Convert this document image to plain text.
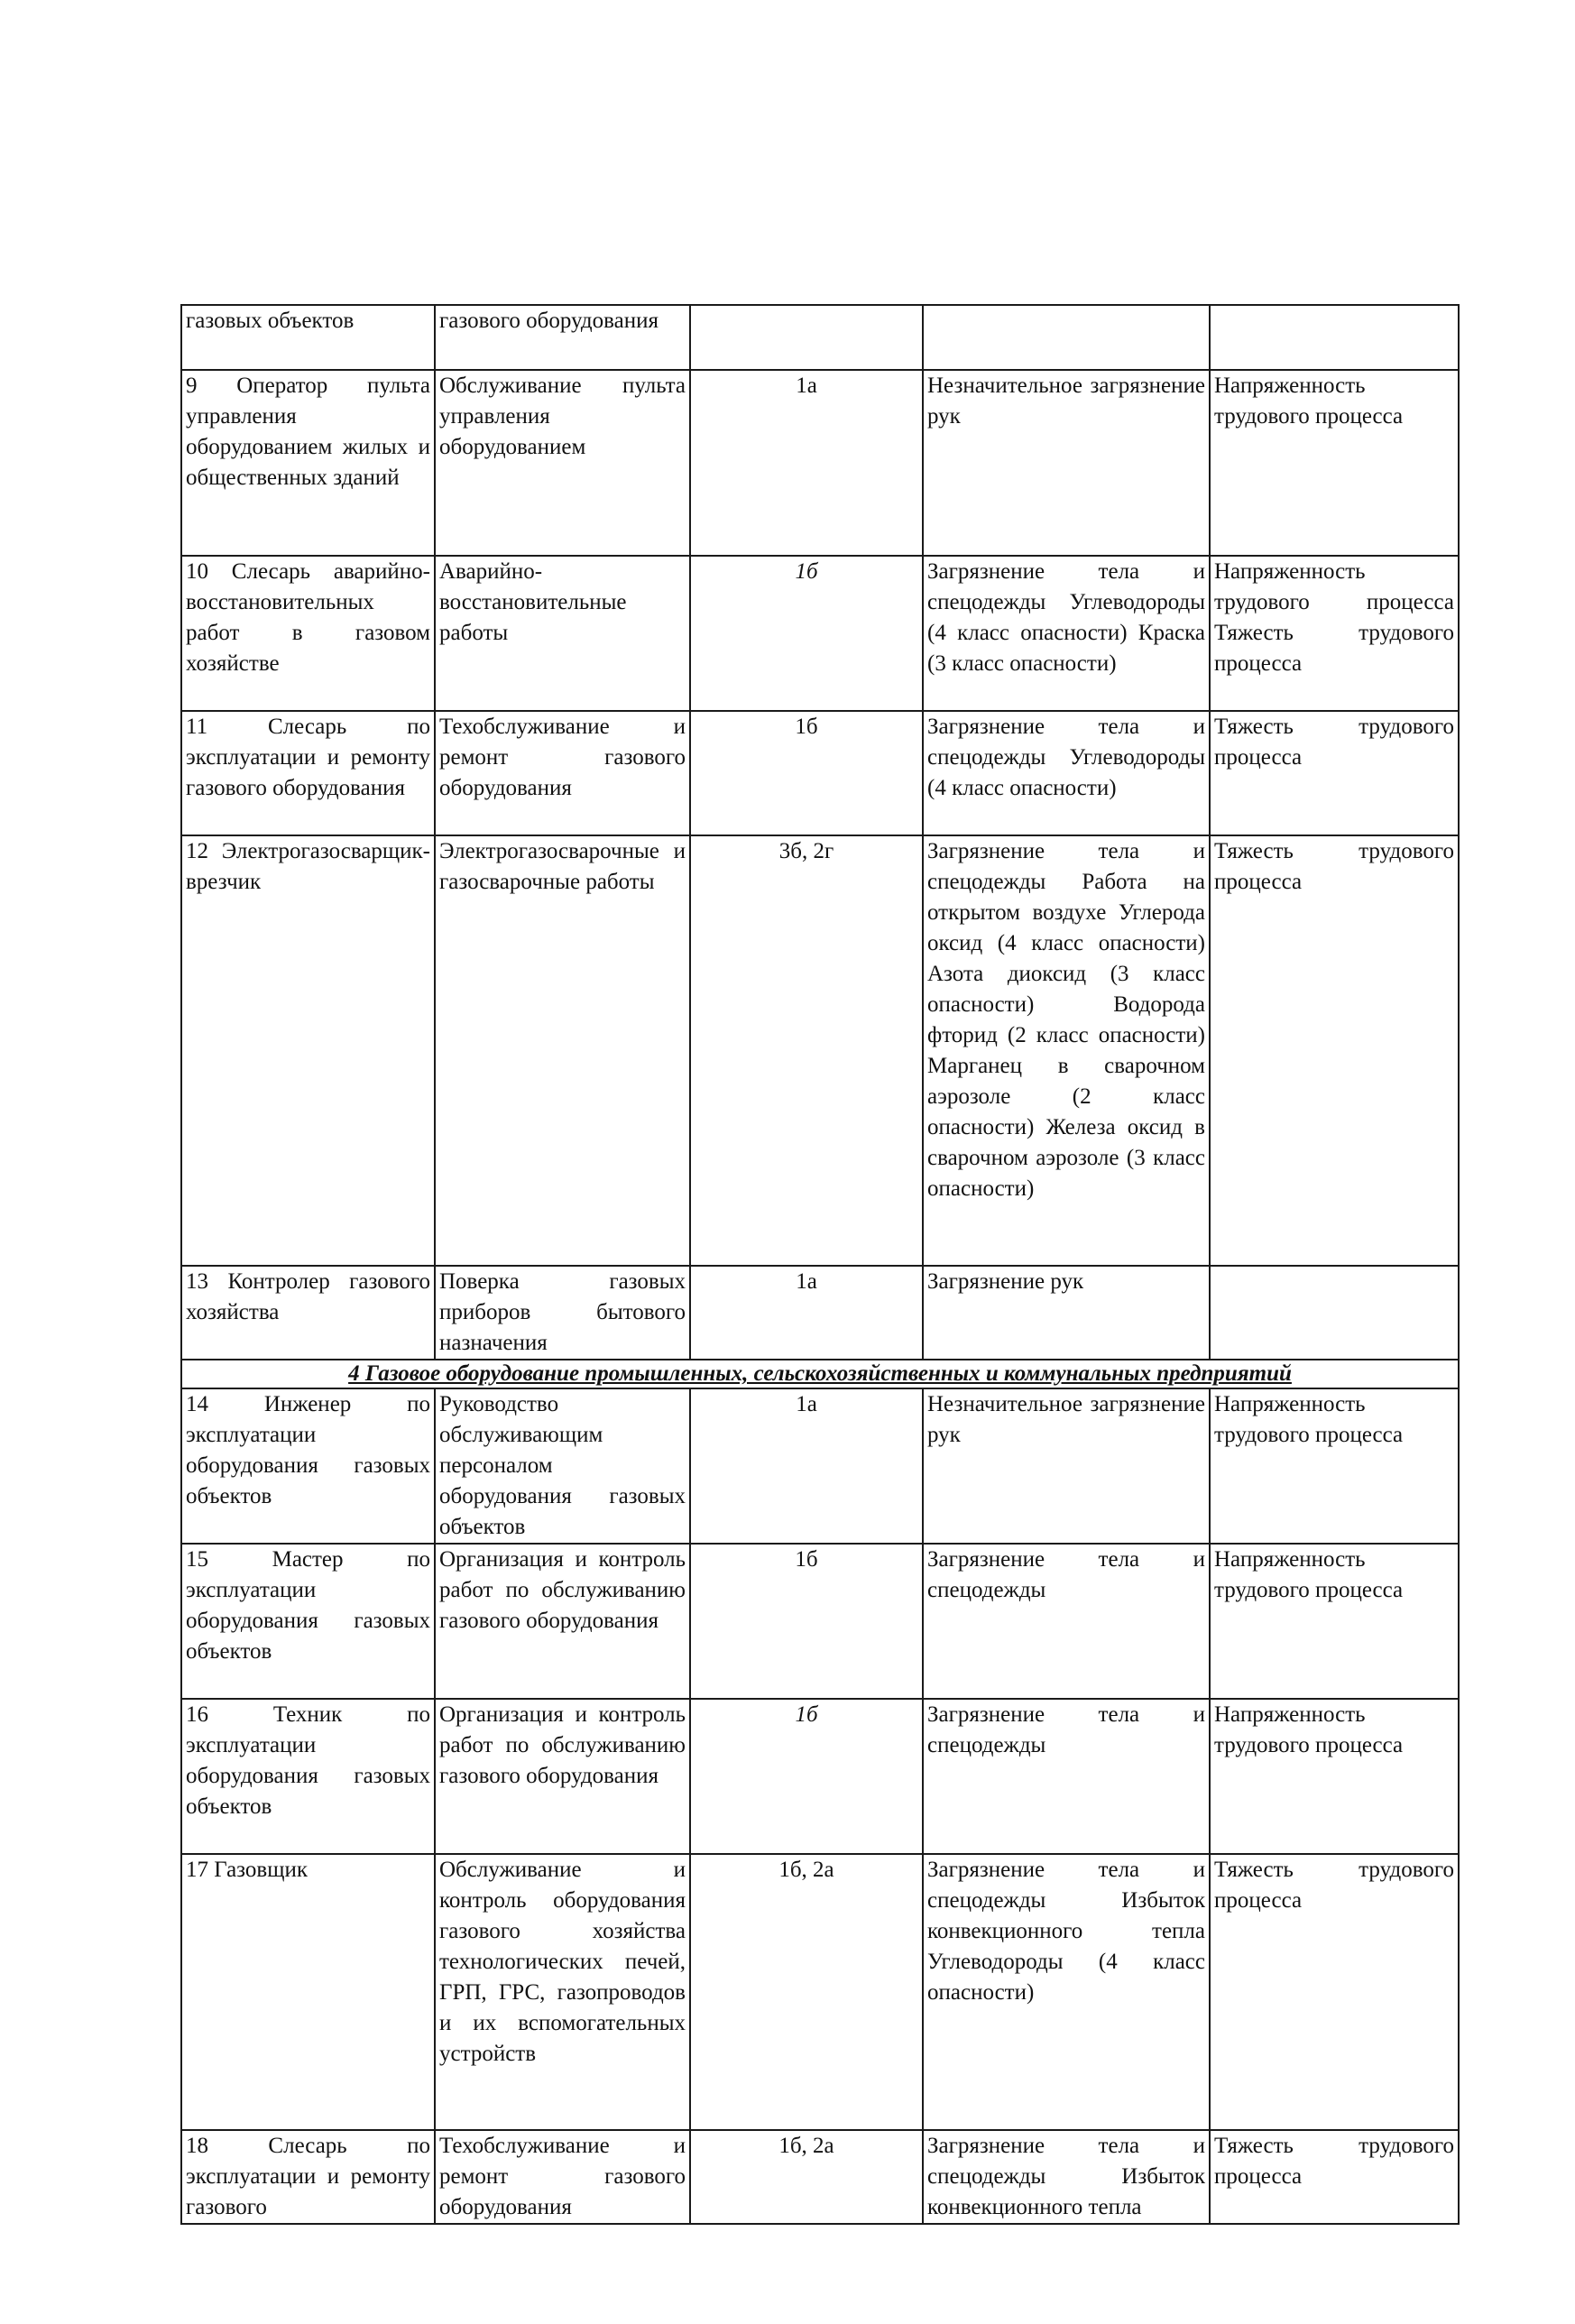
газовых объектов	газового оборудования			
9 Оператор пульта управления оборудованием жилых и общественных зданий	Обслуживание пульта управления оборудованием	1а	Незначительное загрязнение рук	Напряженность трудового процесса
10 Слесарь аварийно-восстановительных работ в газовом хозяйстве	Аварийно-восстановительные работы	1б	Загрязнение тела и спецодежды Углеводороды (4 класс опасности) Краска (3 класс опасности)	Напряженность трудового процесса Тяжесть трудового процесса
11 Слесарь по эксплуатации и ремонту газового оборудования	Техобслуживание и ремонт газового оборудования	1б	Загрязнение тела и спецодежды Углеводороды (4 класс опасности)	Тяжесть трудового процесса
12 Электрогазосварщик-врезчик	Электрогазосварочные и газосварочные работы	3б, 2г	Загрязнение тела и спецодежды Работа на открытом воздухе Углерода оксид (4 класс опасности) Азота диоксид (3 класс опасности) Водорода фторид (2 класс опасности) Марганец в сварочном аэрозоле (2 класс опасности) Железа оксид в сварочном аэрозоле (3 класс опасности)	Тяжесть трудового процесса
13 Контролер газового хозяйства	Поверка газовых приборов бытового назначения	1а	Загрязнение рук	
4 Газовое оборудование промышленных, сельскохозяйственных и коммунальных предприятий				
14 Инженер по эксплуатации оборудования газовых объектов	Руководство обслуживающим персоналом оборудования газовых объектов	1а	Незначительное загрязнение рук	Напряженность трудового процесса
15 Мастер по эксплуатации оборудования газовых объектов	Организация и контроль работ по обслуживанию газового оборудования	1б	Загрязнение тела и спецодежды	Напряженность трудового процесса
16 Техник по эксплуатации оборудования газовых объектов	Организация и контроль работ по обслуживанию газового оборудования	1б	Загрязнение тела и спецодежды	Напряженность трудового процесса
17 Газовщик	Обслуживание и контроль оборудования газового хозяйства технологических печей, ГРП, ГРС, газопроводов и их вспомогательных устройств	1б, 2а	Загрязнение тела и спецодежды Избыток конвекционного тепла Углеводороды (4 класс опасности)	Тяжесть трудового процесса
18 Слесарь по эксплуатации и ремонту газового	Техобслуживание и ремонт газового оборудования	1б, 2а	Загрязнение тела и спецодежды Избыток конвекционного тепла	Тяжесть трудового процесса
